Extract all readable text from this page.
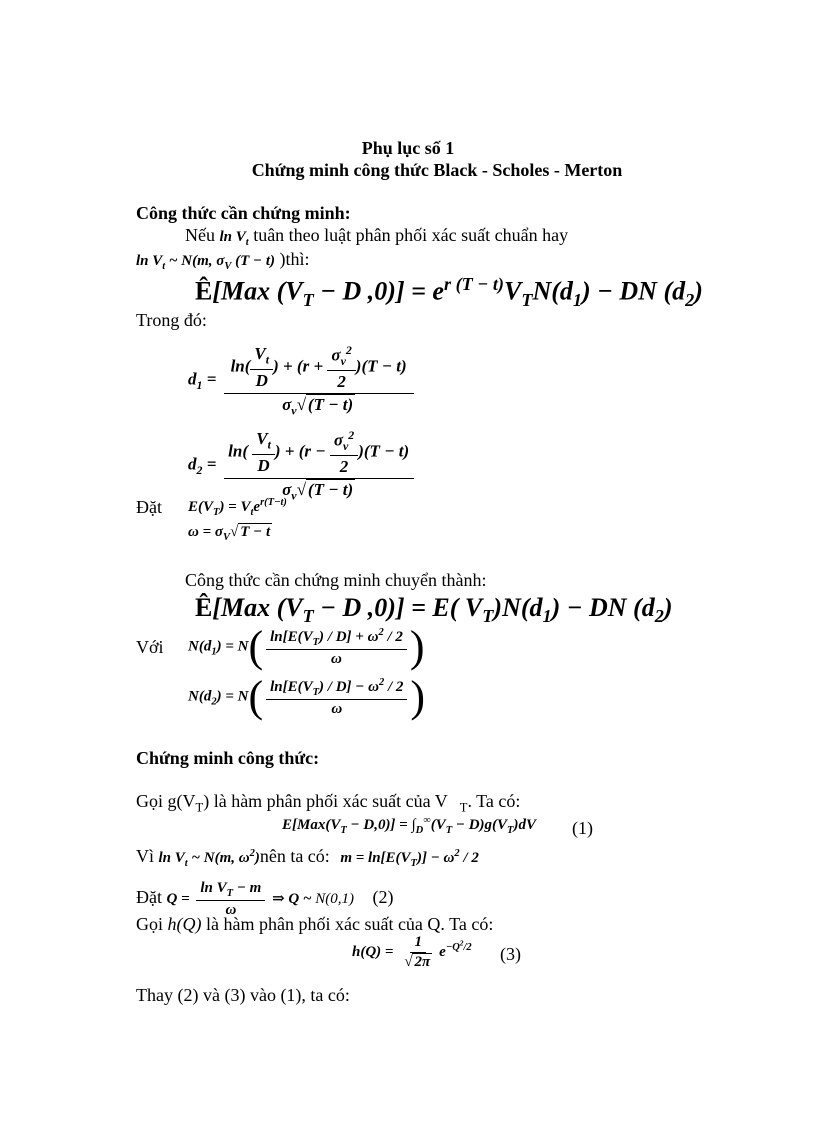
Phụ lục số 1
Chứng minh công thức Black - Scholes - Merton
Công thức cần chứng minh:
Nếu $\ln V_t$ tuân theo luật phân phối xác suất chuẩn hay
$\ln V_t$ ~ N(m, $\sigma_V$ (T − t) )thì:
Ê[Max ($V_T - D$ $,0)] = e^{r (T - t)}V_TN(d_1)$ − DN $(d_2)$
Trong đó:
$d_1 = \frac{\ln( \frac{V_t}{D} ) + (r + \frac{\sigma_v^2}{2} )(T - t)}{\sigma_v√ (T - t)}$
$d_2 = \frac{\ln( \frac{V_t}{D} ) + (r - \frac{\sigma_v^2}{2} )(T - t)}{\sigma_v√ (T - t)}$
Đặt $E(V_T) = V_te^{r(T-t)}$
$\omega = \sigma_V√$ T − t
Công thức cần chứng minh chuyển thành:
Ê[Max ($V_T - D$ ,0)] = E( $V_T)N(d_1)$ − DN $(d_2)$
Với $N(d_1) = N( \frac{\ln[E(V_T) / D] + \omega^2 / 2}{\omega}$ )
$N(d_2) = N( \frac{\ln[E(V_T) / D] - \omega^2 / 2}{\omega}$ )
Chứng minh công thức:
Gọi $g(V_T)$ là hàm phân phối xác suất của V $_T$. Ta có:
$E[Max(V_T - D,0)] = \int_D^\infty(V_T - D)g(V_T)dV$ (1)
Vì $\ln V_t$ ~ N(m, $\omega^2)nên$ ta có: $m = \ln[E(V_T)] - \omega^2 / 2$
Đặt $Q = \frac{\ln V_T - m}{\omega}$ ⇒ Q ~ N(0,1) (2)
Gọi h(Q) là hàm phân phối xác suất của Q. Ta có:
$h(Q) = \frac{1}{√ 2\pi} e^{-Q^2/2}$ (3)
Thay (2) và (3) vào (1), ta có:
